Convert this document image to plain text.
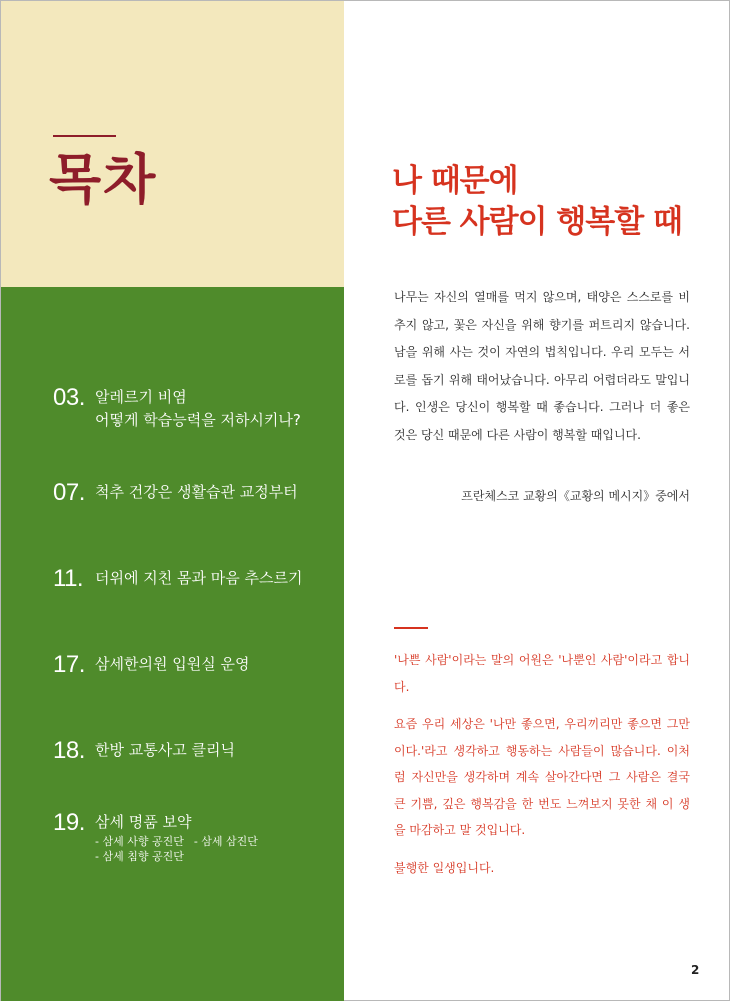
목차
03. 알레르기 비염
어떻게 학습능력을 저하시키나?
07. 척추 건강은 생활습관 교정부터
11. 더위에 지친 몸과 마음 추스르기
17. 삼세한의원 입원실 운영
18. 한방 교통사고 클리닉
19. 삼세 명품 보약
- 삼세 사향 공진단 - 삼세 삼진단
- 삼세 침향 공진단
나 때문에
다른 사람이 행복할 때
나무는 자신의 열매를 먹지 않으며, 태양은 스스로를 비추지 않고, 꽃은 자신을 위해 향기를 퍼트리지 않습니다. 남을 위해 사는 것이 자연의 법칙입니다. 우리 모두는 서로를 돕기 위해 태어났습니다. 아무리 어렵더라도 말입니다. 인생은 당신이 행복할 때 좋습니다. 그러나 더 좋은 것은 당신 때문에 다른 사람이 행복할 때입니다.
프란체스코 교황의《교황의 메시지》중에서

'나쁜 사람'이라는 말의 어원은 '나뿐인 사람'이라고 합니다.

요즘 우리 세상은 '나만 좋으면, 우리끼리만 좋으면 그만이다.'라고 생각하고 행동하는 사람들이 많습니다. 이처럼 자신만을 생각하며 계속 살아간다면 그 사람은 결국 큰 기쁨, 깊은 행복감을 한 번도 느껴보지 못한 채 이 생을 마감하고 말 것입니다.

불행한 일생입니다.

2
